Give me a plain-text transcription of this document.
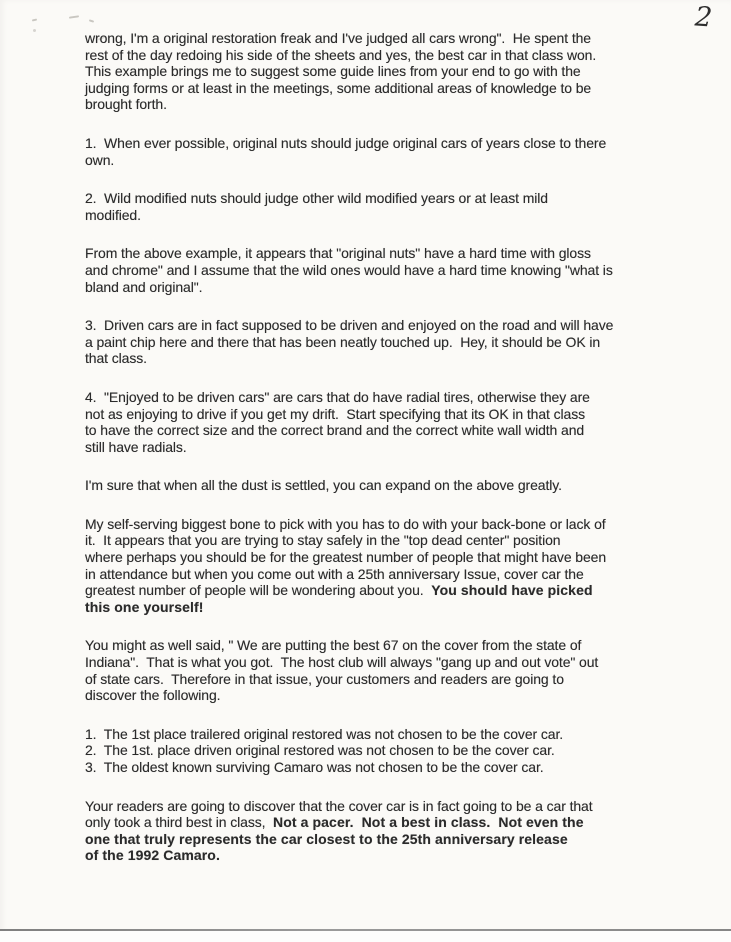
2
wrong, I'm a original restoration freak and I've judged all cars wrong".  He spent the
rest of the day redoing his side of the sheets and yes, the best car in that class won.
This example brings me to suggest some guide lines from your end to go with the
judging forms or at least in the meetings, some additional areas of knowledge to be
brought forth.
1.  When ever possible, original nuts should judge original cars of years close to there
own.
2.  Wild modified nuts should judge other wild modified years or at least mild
modified.
From the above example, it appears that "original nuts" have a hard time with gloss
and chrome" and I assume that the wild ones would have a hard time knowing "what is
bland and original".
3.  Driven cars are in fact supposed to be driven and enjoyed on the road and will have
a paint chip here and there that has been neatly touched up.  Hey, it should be OK in
that class.
4.  "Enjoyed to be driven cars" are cars that do have radial tires, otherwise they are
not as enjoying to drive if you get my drift.  Start specifying that its OK in that class
to have the correct size and the correct brand and the correct white wall width and
still have radials.
I'm sure that when all the dust is settled, you can expand on the above greatly.
My self-serving biggest bone to pick with you has to do with your back-bone or lack of
it.  It appears that you are trying to stay safely in the "top dead center" position
where perhaps you should be for the greatest number of people that might have been
in attendance but when you come out with a 25th anniversary Issue, cover car the
greatest number of people will be wondering about you.  You should have picked
this one yourself!
You might as well said, " We are putting the best 67 on the cover from the state of
Indiana".  That is what you got.  The host club will always "gang up and out vote" out
of state cars.  Therefore in that issue, your customers and readers are going to
discover the following.
1.  The 1st place trailered original restored was not chosen to be the cover car.
2.  The 1st. place driven original restored was not chosen to be the cover car.
3.  The oldest known surviving Camaro was not chosen to be the cover car.
Your readers are going to discover that the cover car is in fact going to be a car that
only took a third best in class,  Not a pacer.  Not a best in class.  Not even the
one that truly represents the car closest to the 25th anniversary release
of the 1992 Camaro.
